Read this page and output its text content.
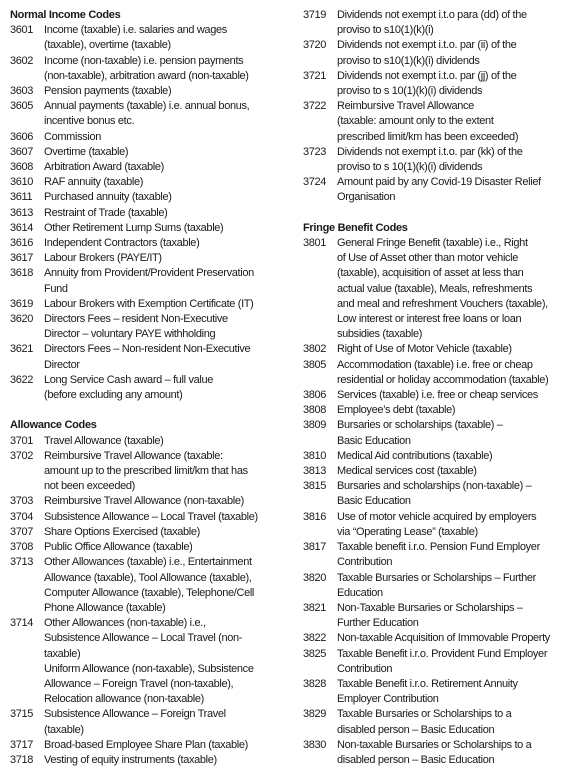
Normal Income Codes
3601 Income (taxable) i.e. salaries and wages
(taxable), overtime (taxable)
3602 Income (non-taxable) i.e. pension payments
(non-taxable), arbitration award (non-taxable)
3603 Pension payments (taxable)
3605 Annual payments (taxable) i.e. annual bonus,
incentive bonus etc.
3606 Commission
3607 Overtime (taxable)
3608 Arbitration Award (taxable)
3610 RAF annuity (taxable)
3611	Purchased annuity (taxable)
3613 Restraint of Trade (taxable)
3614 Other Retirement Lump Sums (taxable)
3616 Independent Contractors (taxable)
3617 Labour Brokers (PAYE/IT)
3618 Annuity from Provident/Provident Preservation
Fund
3619 Labour Brokers with Exemption Certificate (IT)
3620 Directors Fees – resident Non-Executive
Director – voluntary PAYE withholding
3621 Directors Fees – Non-resident Non-Executive
Director
3622 Long Service Cash award – full value
(before excluding any amount)
Allowance Codes
3701 Travel Allowance (taxable)
3702 Reimbursive Travel Allowance (taxable:
amount up to the prescribed limit/km that has
not been exceeded)
3703 Reimbursive Travel Allowance (non-taxable)
3704 Subsistence Allowance – Local Travel (taxable)
3707 Share Options Exercised (taxable)
3708 Public Office Allowance (taxable)
3713 Other Allowances (taxable) i.e., Entertainment
Allowance (taxable), Tool Allowance (taxable),
Computer Allowance (taxable), Telephone/Cell
Phone Allowance (taxable)
3714 Other Allowances (non-taxable) i.e.,
Subsistence Allowance – Local Travel (non-
taxable)
Uniform Allowance (non-taxable), Subsistence
Allowance – Foreign Travel (non-taxable),
Relocation allowance (non-taxable)
3715 Subsistence Allowance – Foreign Travel
(taxable)
3717 Broad-based Employee Share Plan (taxable)
3718 Vesting of equity instruments (taxable)
3719 Dividends not exempt i.t.o para (dd) of the
proviso to s10(1)(k)(i)
3720 Dividends not exempt i.t.o. par (ii) of the
proviso to s10(1)(k)(i) dividends
3721 Dividends not exempt i.t.o. par (jj) of the
proviso to s 10(1)(k)(i) dividends
3722 Reimbursive Travel Allowance
(taxable: amount only to the extent
prescribed limit/km has been exceeded)
3723 Dividends not exempt i.t.o. par (kk) of the
proviso to s 10(1)(k)(i) dividends
3724 Amount paid by any Covid-19 Disaster Relief
Organisation
Fringe Benefit Codes
3801 General Fringe Benefit (taxable) i.e., Right
of Use of Asset other than motor vehicle
(taxable), acquisition of asset at less than
actual value (taxable), Meals, refreshments
and meal and refreshment Vouchers (taxable),
Low interest or interest free loans or loan
subsidies (taxable)
3802 Right of Use of Motor Vehicle (taxable)
3805 Accommodation (taxable) i.e. free or cheap
residential or holiday accommodation (taxable)
3806 Services (taxable) i.e. free or cheap services
3808 Employee’s debt (taxable)
3809 Bursaries or scholarships (taxable) –
Basic Education
3810 Medical Aid contributions (taxable)
3813 Medical services cost (taxable)
3815 Bursaries and scholarships (non-taxable) –
Basic Education
3816 Use of motor vehicle acquired by employers
via “Operating Lease” (taxable)
3817 Taxable benefit i.r.o. Pension Fund Employer
Contribution
3820 Taxable Bursaries or Scholarships – Further
Education
3821 Non-Taxable Bursaries or Scholarships –
Further Education
3822 Non-taxable Acquisition of Immovable Property
3825 Taxable Benefit i.r.o. Provident Fund Employer
Contribution
3828 Taxable Benefit i.r.o. Retirement Annuity
Employer Contribution
3829 Taxable Bursaries or Scholarships to a
disabled person – Basic Education
3830 Non-taxable Bursaries or Scholarships to a
disabled person – Basic Education
